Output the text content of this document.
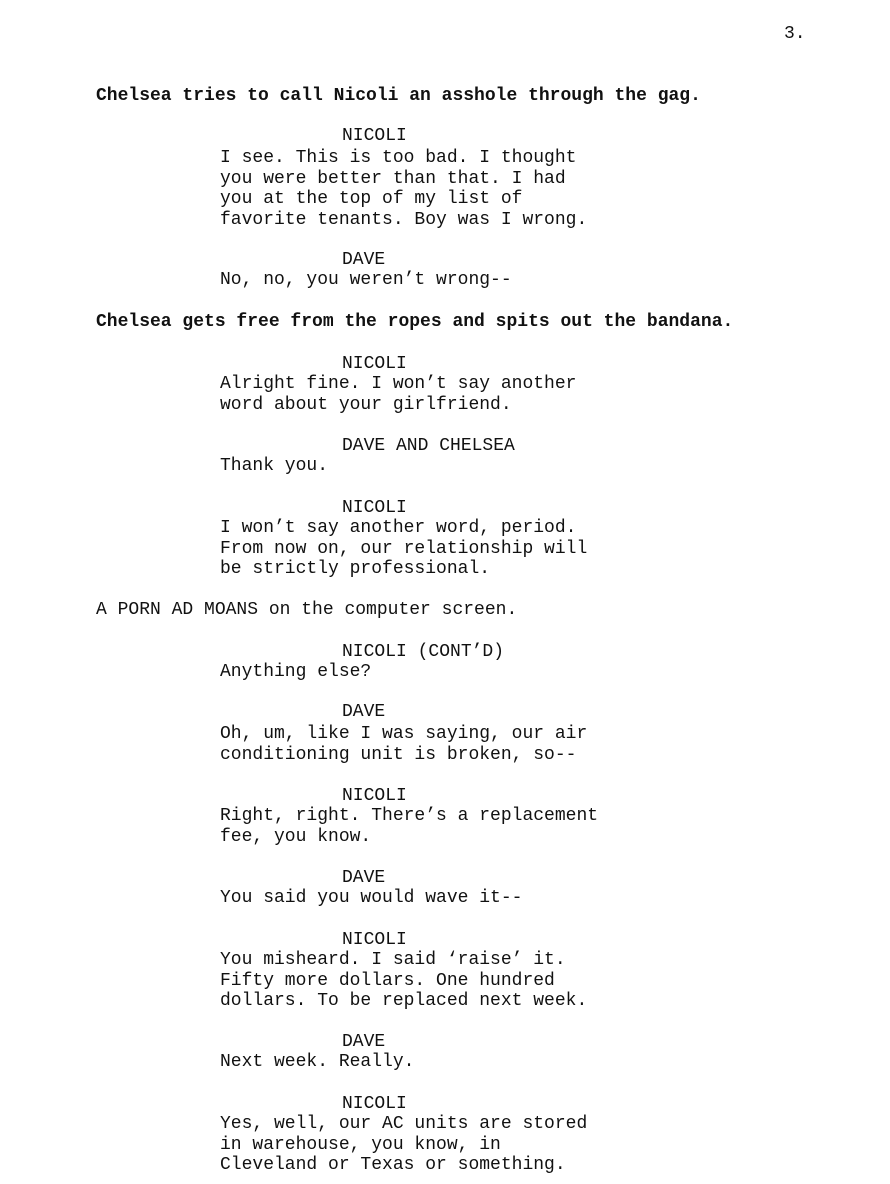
3.
Chelsea tries to call Nicoli an asshole through the gag.
NICOLI
I see. This is too bad. I thought
you were better than that. I had
you at the top of my list of
favorite tenants. Boy was I wrong.
DAVE
No, no, you weren’t wrong--
Chelsea gets free from the ropes and spits out the bandana.
NICOLI
Alright fine. I won’t say another
word about your girlfriend.
DAVE AND CHELSEA
Thank you.
NICOLI
I won’t say another word, period.
From now on, our relationship will
be strictly professional.
A PORN AD MOANS on the computer screen.
NICOLI (CONT’D)
Anything else?
DAVE
Oh, um, like I was saying, our air
conditioning unit is broken, so--
NICOLI
Right, right. There’s a replacement
fee, you know.
DAVE
You said you would wave it--
NICOLI
You misheard. I said ‘raise’ it.
Fifty more dollars. One hundred
dollars. To be replaced next week.
DAVE
Next week. Really.
NICOLI
Yes, well, our AC units are stored
in warehouse, you know, in
Cleveland or Texas or something.
